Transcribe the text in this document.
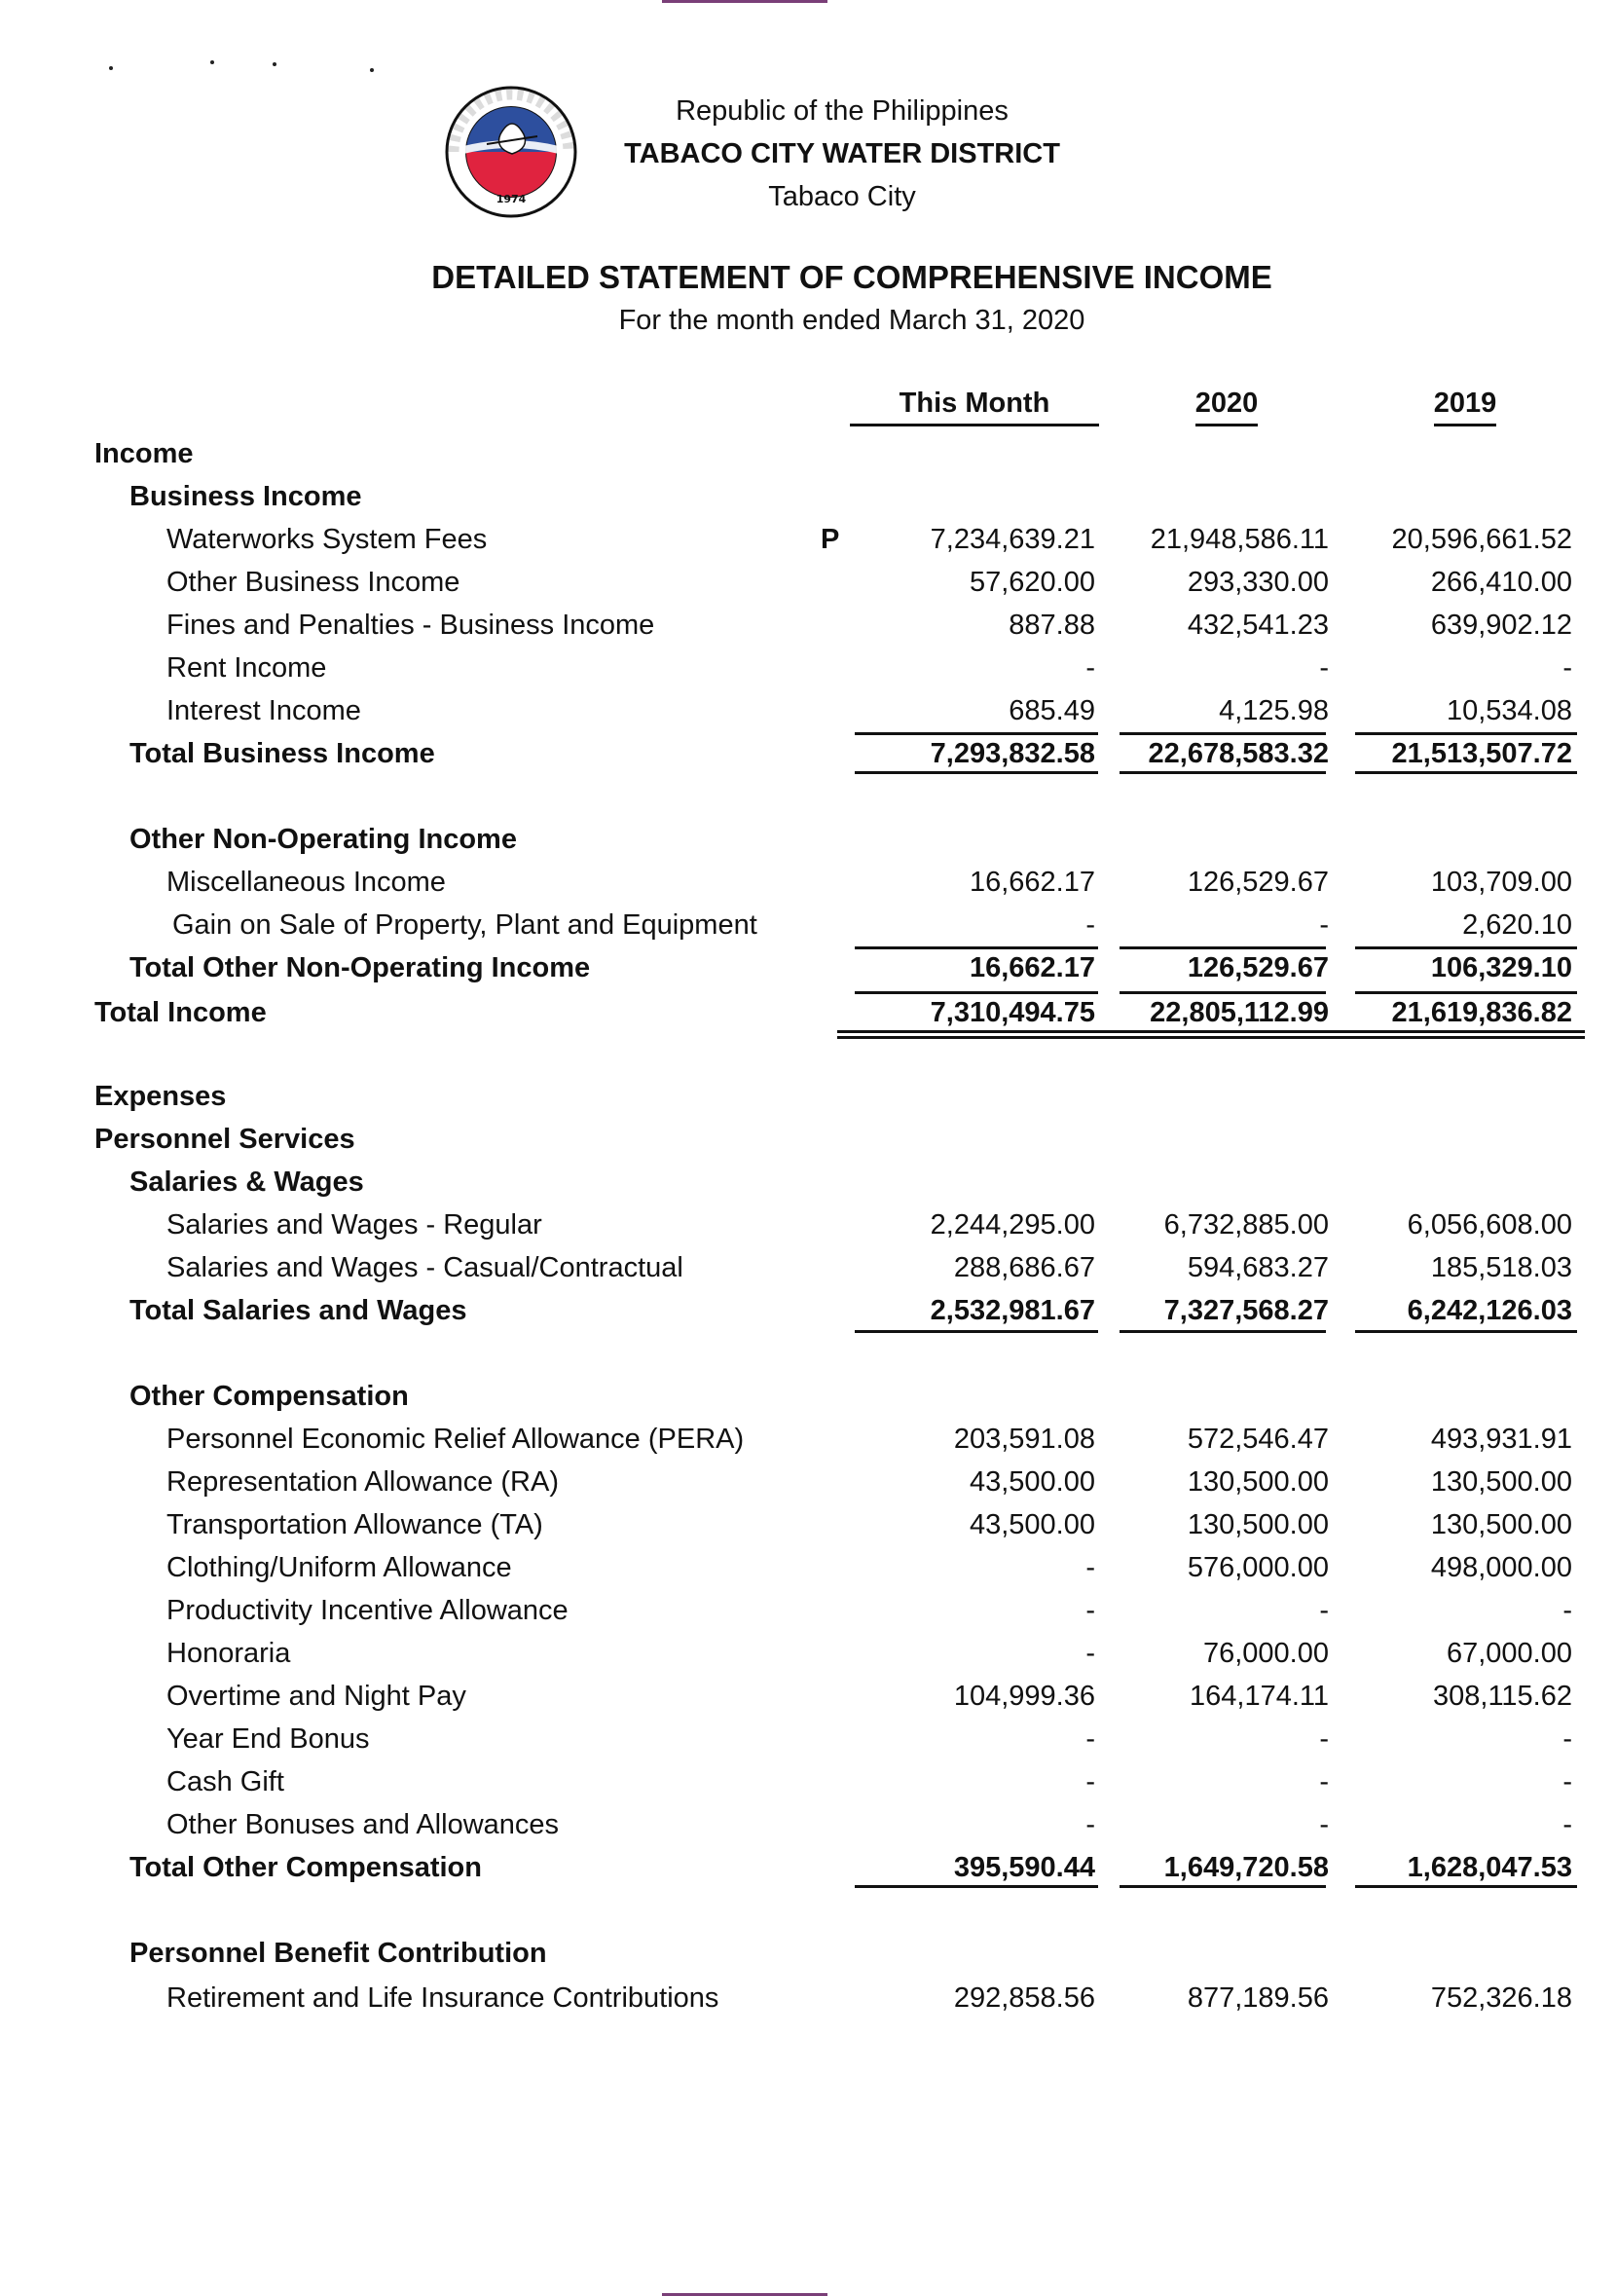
1974
Republic of the Philippines
TABACO CITY WATER DISTRICT
Tabaco City
DETAILED STATEMENT OF COMPREHENSIVE INCOME
For the month ended March 31, 2020
This Month	2020	2019
Income
Business Income
Waterworks System Fees	P	7,234,639.21 21,948,586.11 20,596,661.52
Other Business Income	57,620.00	293,330.00	266,410.00
Fines and Penalties - Business Income	887.88	432,541.23	639,902.12
Rent Income	-	-	-
Interest Income	685.49	4,125.98	10,534.08
Total Business Income	7,293,832.58 22,678,583.32 21,513,507.72
Other Non-Operating Income
Miscellaneous Income	16,662.17	126,529.67	103,709.00
Gain on Sale of Property, Plant and Equipment	-	-	2,620.10
Total Other Non-Operating Income	16,662.17	126,529.67	106,329.10
Total Income	7,310,494.75 22,805,112.99 21,619,836.82
Expenses
Personnel Services
Salaries & Wages
Salaries and Wages - Regular	2,244,295.00 6,732,885.00	6,056,608.00
Salaries and Wages - Casual/Contractual	288,686.67	594,683.27	185,518.03
Total Salaries and Wages	2,532,981.67 7,327,568.27	6,242,126.03
Other Compensation
Personnel Economic Relief Allowance (PERA)	203,591.08	572,546.47	493,931.91
Representation Allowance (RA)	43,500.00	130,500.00	130,500.00
Transportation Allowance (TA)	43,500.00	130,500.00	130,500.00
Clothing/Uniform Allowance	-	576,000.00	498,000.00
Productivity Incentive Allowance	-	-	-
Honoraria	-	76,000.00	67,000.00
Overtime and Night Pay	104,999.36	164,174.11	308,115.62
Year End Bonus	-	-	-
Cash Gift	-	-	-
Other Bonuses and Allowances	-	-	-
Total Other Compensation	395,590.44 1,649,720.58	1,628,047.53
Personnel Benefit Contribution
Retirement and Life Insurance Contributions	292,858.56	877,189.56	752,326.18
